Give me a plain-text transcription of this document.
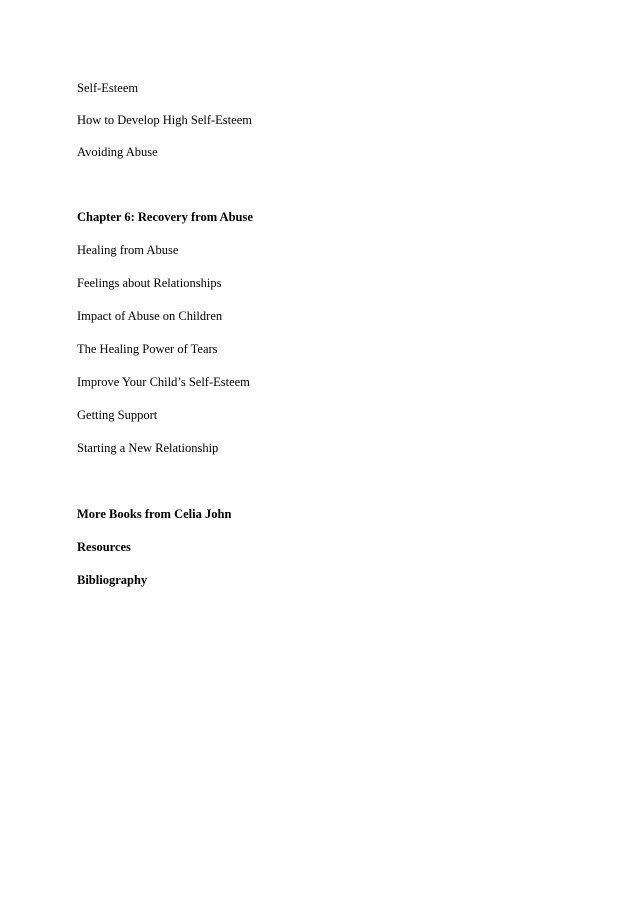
Self-Esteem
How to Develop High Self-Esteem
Avoiding Abuse
Chapter 6: Recovery from Abuse
Healing from Abuse
Feelings about Relationships
Impact of Abuse on Children
The Healing Power of Tears
Improve Your Child’s Self-Esteem
Getting Support
Starting a New Relationship
More Books from Celia John
Resources
Bibliography
